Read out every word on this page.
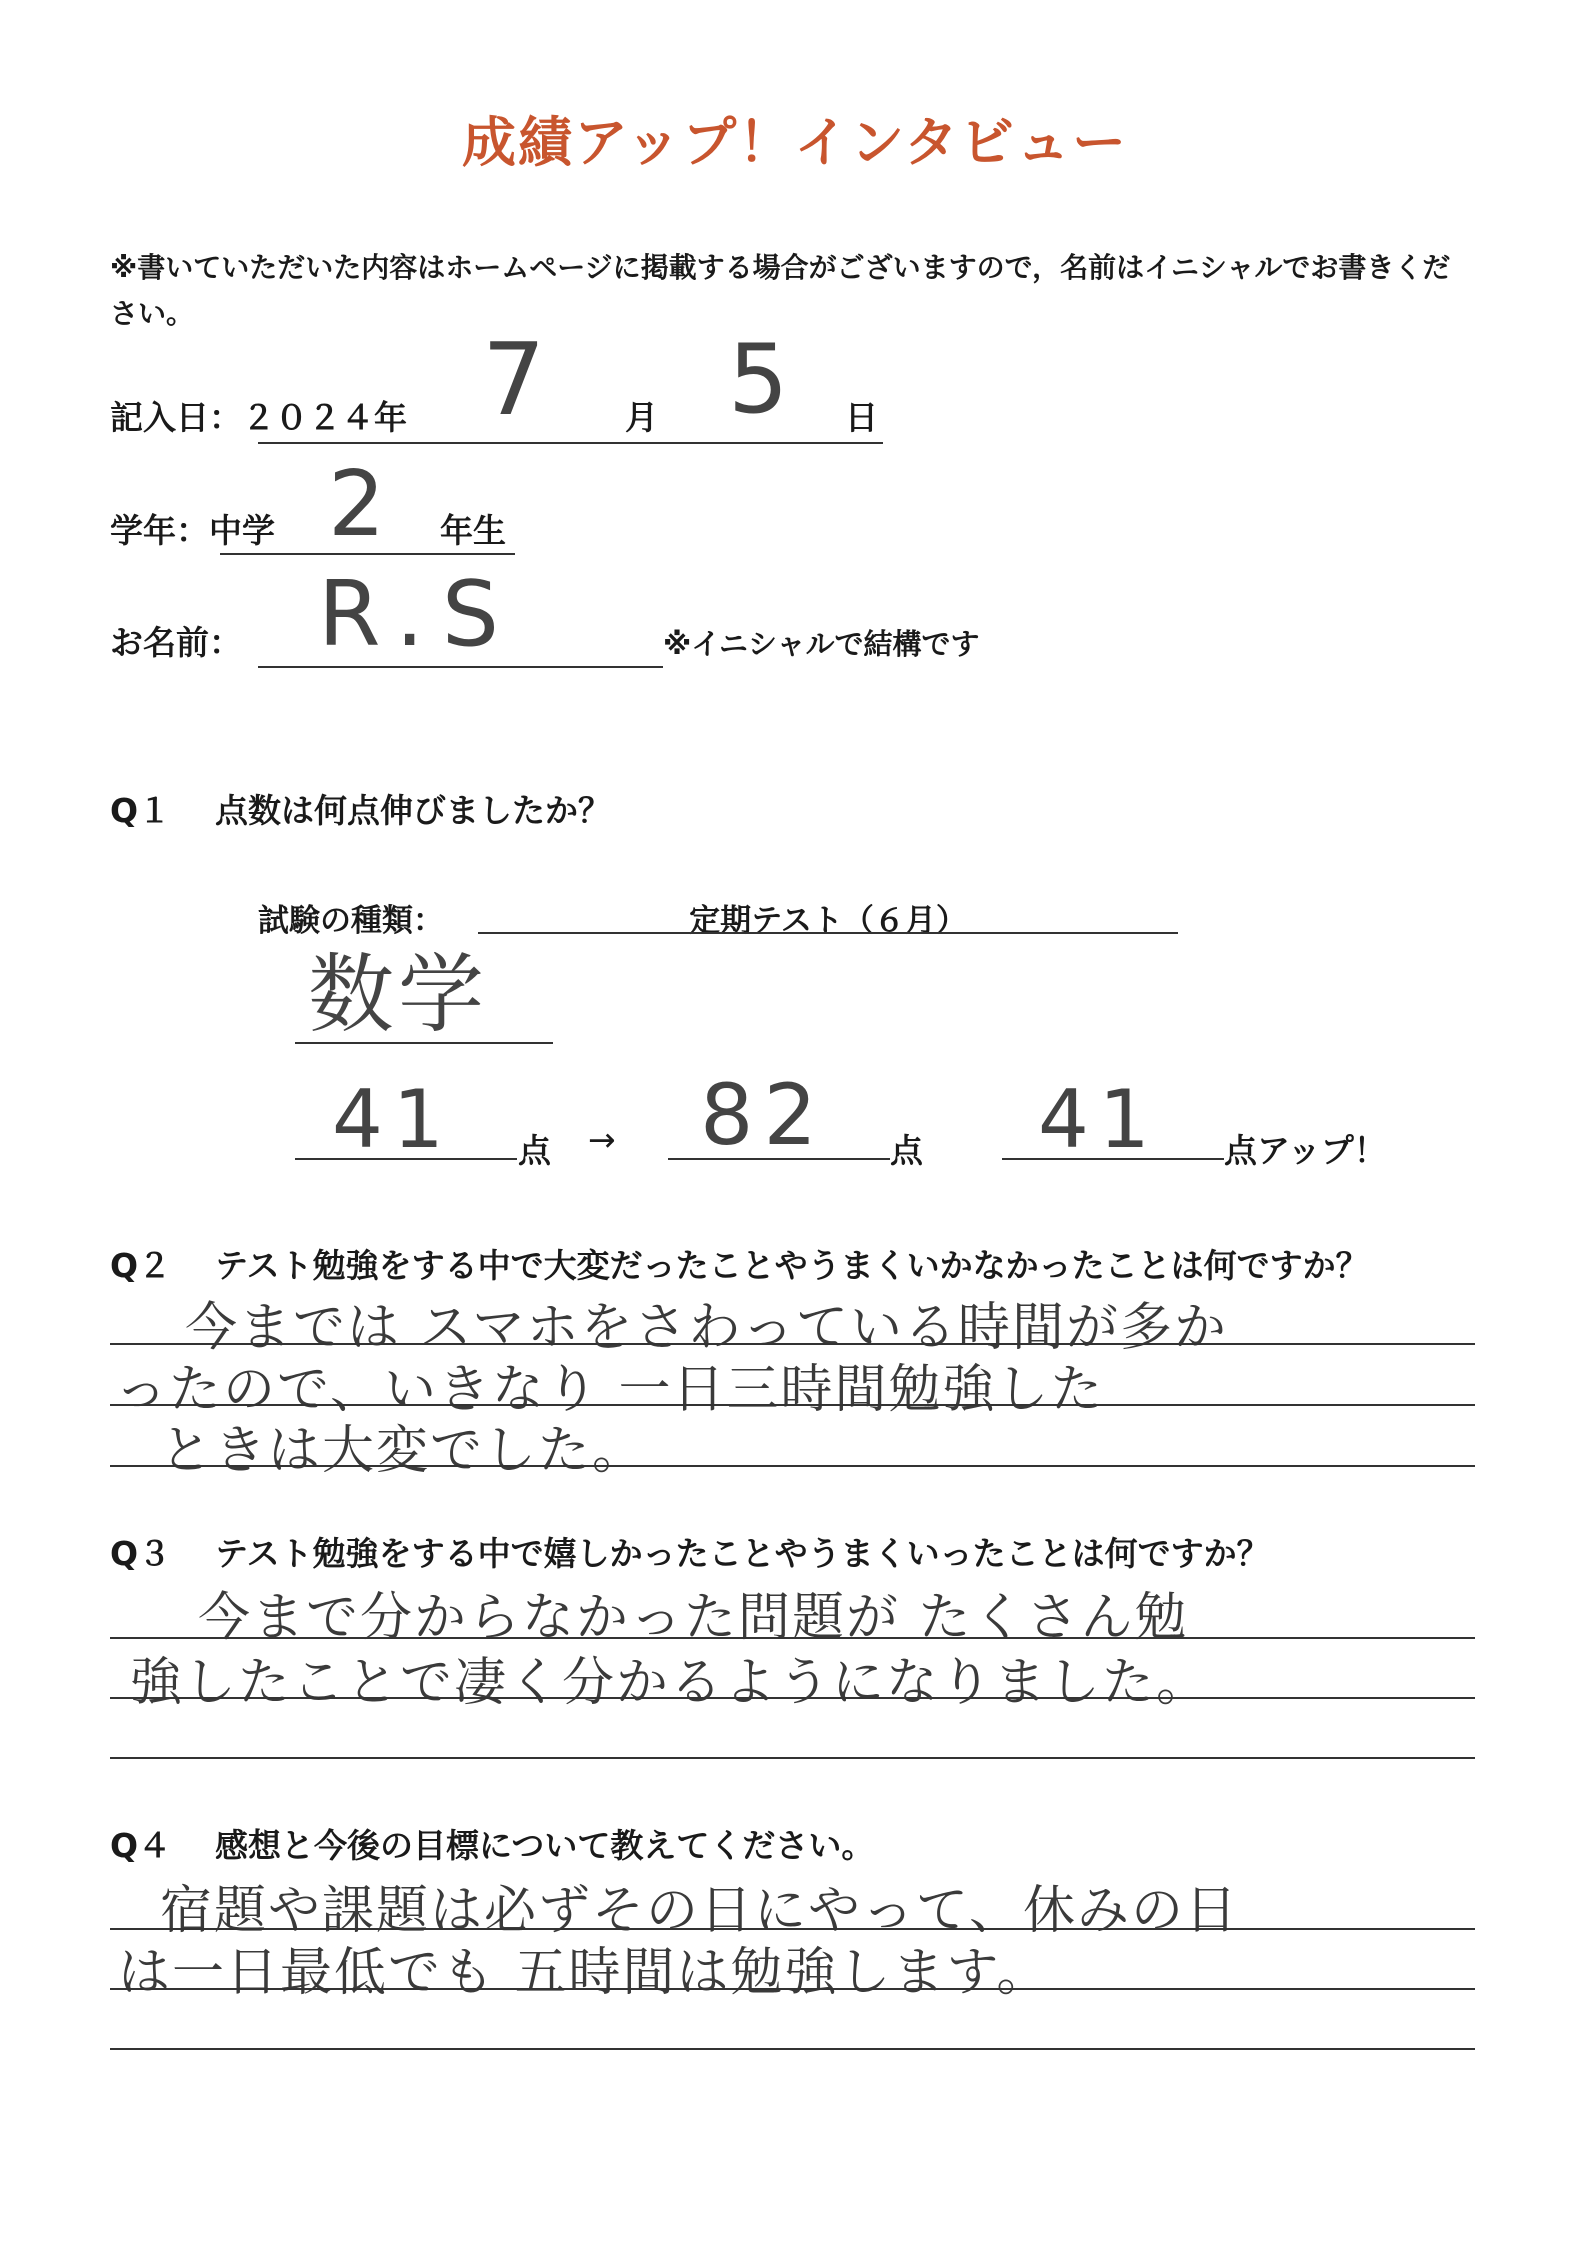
成績アップ！インタビュー
※書いていただいた内容はホームページに掲載する場合がございますので，名前はイニシャルでお書きください。
記入日：２０２４年 7 月 5 日
学年：中学 2 年生
お名前： R.S	※イニシャルで結構です
Q１ 点数は何点伸びましたか？
試験の種類：	定期テスト（６月）
数学
41 点 → 82 点 41 点アップ！
Q２ テスト勉強をする中で大変だったことやうまくいかなかったことは何ですか？
今までは スマホをさわっている時間が多か
ったので、いきなり 一日三時間勉強した
ときは大変でした。
Q３ テスト勉強をする中で嬉しかったことやうまくいったことは何ですか？
今まで分からなかった問題が たくさん勉
強したことで凄く分かるようになりました。
Q４ 感想と今後の目標について教えてください。
宿題や課題は必ずその日にやって、休みの日
は一日最低でも 五時間は勉強します。
